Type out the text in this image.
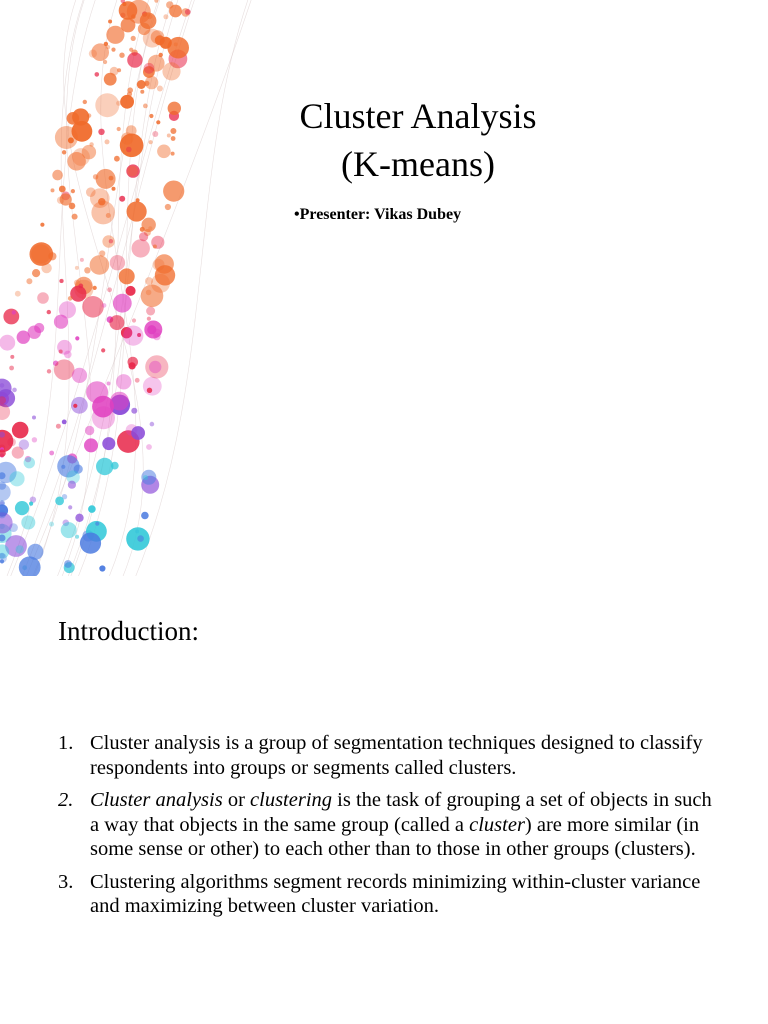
Cluster Analysis
(K-means)
•Presenter: Vikas Dubey
Introduction:
1. Cluster analysis is a group of segmentation techniques designed to classify respondents into groups or segments called clusters.
2. Cluster analysis or clustering is the task of grouping a set of objects in such a way that objects in the same group (called a cluster) are more similar (in some sense or other) to each other than to those in other groups (clusters).
3. Clustering algorithms segment records minimizing within-cluster variance and maximizing between cluster variation.
